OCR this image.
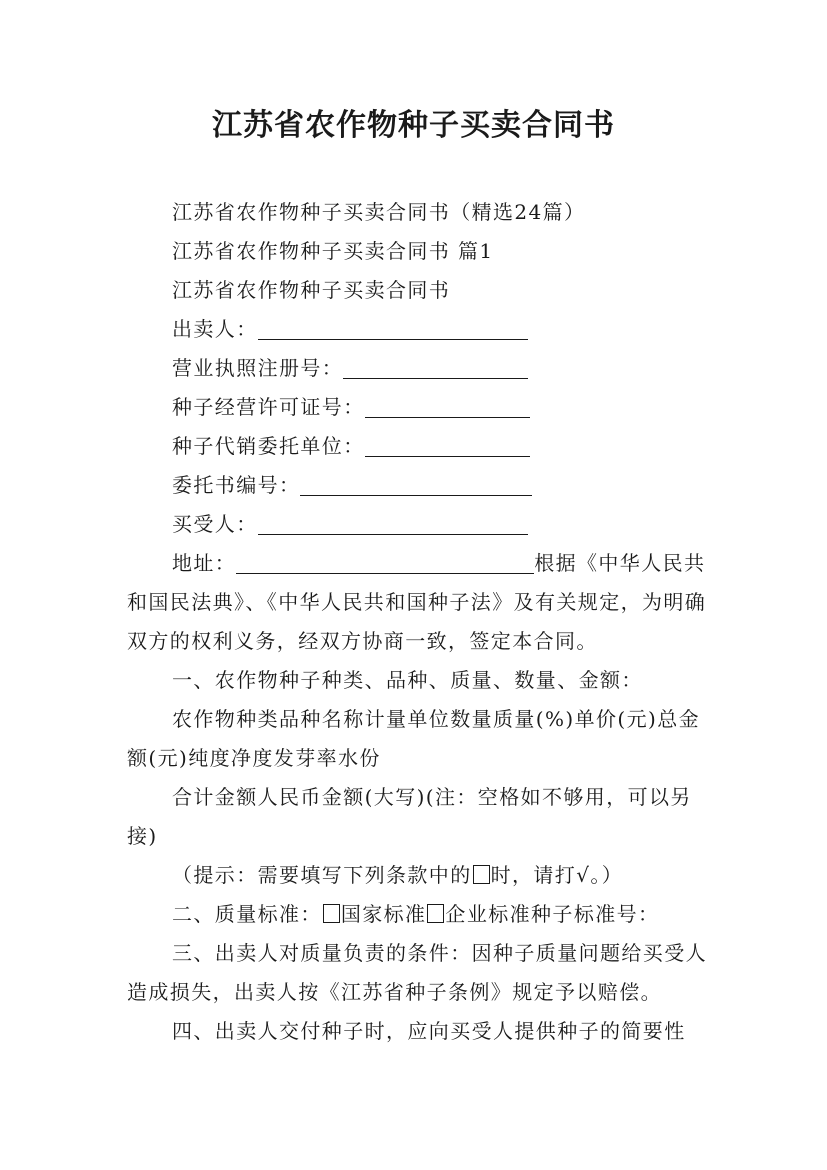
江苏省农作物种子买卖合同书

江苏省农作物种子买卖合同书（精选24篇）

江苏省农作物种子买卖合同书 篇1

江苏省农作物种子买卖合同书

出卖人：

营业执照注册号：

种子经营许可证号：

种子代销委托单位：

委托书编号：

买受人：

地址：	根据《中华人民共和国民法典》、《中华人民共和国种子法》及有关规定，为明确双方的权利义务，经双方协商一致，签定本合同。

一、农作物种子种类、品种、质量、数量、金额：

农作物种类品种名称计量单位数量质量(%)单价(元)总金额(元)纯度净度发芽率水份

合计金额人民币金额(大写)(注：空格如不够用，可以另接)

（提示：需要填写下列条款中的 时，请打√。）

二、质量标准： 国家标准 企业标准种子标准号：

三、出卖人对质量负责的条件：因种子质量问题给买受人造成损失，出卖人按《江苏省种子条例》规定予以赔偿。

四、出卖人交付种子时，应向买受人提供种子的简要性
